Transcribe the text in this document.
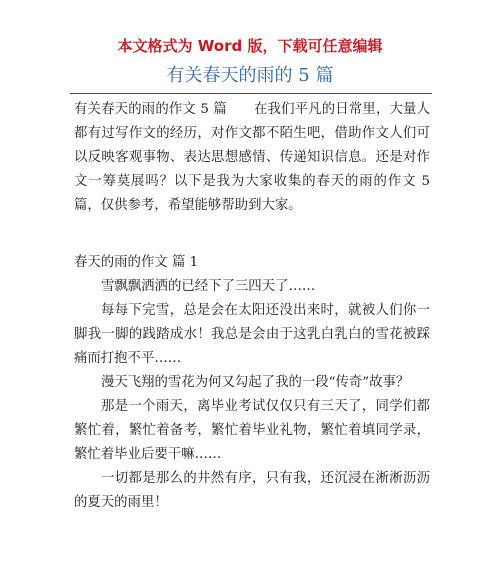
本文格式为 Word 版，下载可任意编辑
有关春天的雨的 5 篇

有关春天的雨的作文 5 篇　　在我们平凡的日常里，大量人都有过写作文的经历，对作文都不陌生吧，借助作文人们可以反映客观事物、表达思想感情、传递知识信息。还是对作文一筹莫展吗？以下是我为大家收集的春天的雨的作文 5 篇，仅供参考，希望能够帮助到大家。

春天的雨的作文 篇 1

雪飘飘洒洒的已经下了三四天了……

每每下完雪，总是会在太阳还没出来时，就被人们你一脚我一脚的践踏成水！我总是会由于这乳白乳白的雪花被踩痛而打抱不平……

漫天飞翔的雪花为何又勾起了我的一段“传奇”故事？

那是一个雨天，离毕业考试仅仅只有三天了，同学们都繁忙着，繁忙着备考，繁忙着毕业礼物，繁忙着填同学录，繁忙着毕业后要干嘛……

一切都是那么的井然有序，只有我，还沉浸在淅淅沥沥的夏天的雨里！
